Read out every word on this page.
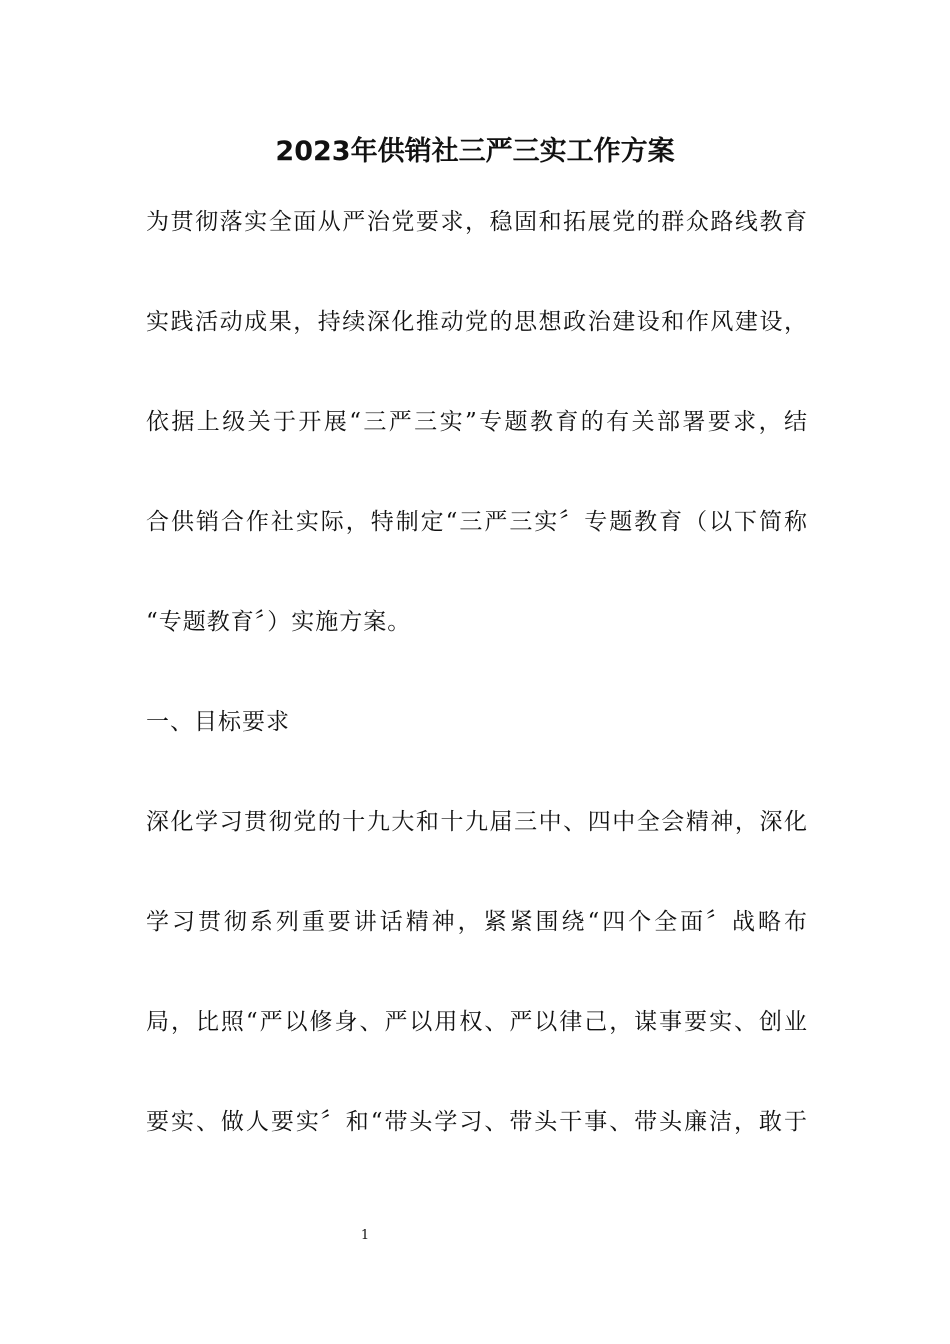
2023年供销社三严三实工作方案
为贯彻落实全面从严治党要求，稳固和拓展党的群众路线教育
实践活动成果，持续深化推动党的思想政治建设和作风建设，
依据上级关于开展“三严三实”专题教育的有关部署要求，结
合供销合作社实际，特制定“三严三实〞专题教育（以下简称
“专题教育〞）实施方案。
一、目标要求
深化学习贯彻党的十九大和十九届三中、四中全会精神，深化
学习贯彻系列重要讲话精神，紧紧围绕“四个全面〞战略布
局，比照“严以修身、严以用权、严以律己，谋事要实、创业
要实、做人要实〞和“带头学习、带头干事、带头廉洁，敢于
1
